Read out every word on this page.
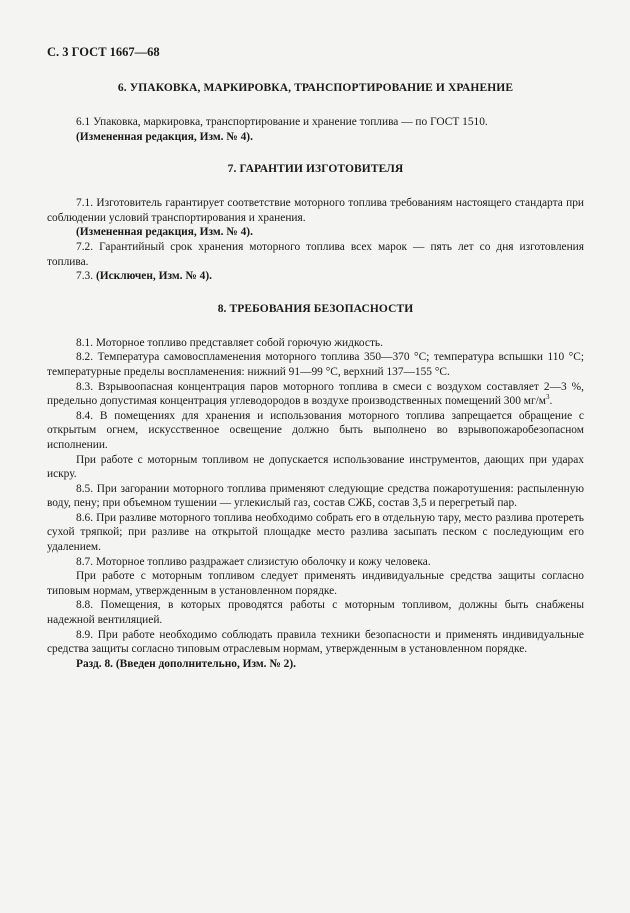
С. 3 ГОСТ 1667—68
6. УПАКОВКА, МАРКИРОВКА, ТРАНСПОРТИРОВАНИЕ И ХРАНЕНИЕ

6.1 Упаковка, маркировка, транспортирование и хранение топлива — по ГОСТ 1510.

(Измененная редакция, Изм. № 4).

7. ГАРАНТИИ ИЗГОТОВИТЕЛЯ

7.1. Изготовитель гарантирует соответствие моторного топлива требованиям настоящего стандарта при соблюдении условий транспортирования и хранения.

(Измененная редакция, Изм. № 4).

7.2. Гарантийный срок хранения моторного топлива всех марок — пять лет со дня изготовления топлива.

7.3. (Исключен, Изм. № 4).

8. ТРЕБОВАНИЯ БЕЗОПАСНОСТИ

8.1. Моторное топливо представляет собой горючую жидкость.

8.2. Температура самовоспламенения моторного топлива 350—370 °С; температура вспышки 110 °С; температурные пределы воспламенения: нижний 91—99 °С, верхний 137—155 °С.

8.3. Взрывоопасная концентрация паров моторного топлива в смеси с воздухом составляет 2—3 %, предельно допустимая концентрация углеводородов в воздухе производственных помещений 300 $мг/м^3$.

8.4. В помещениях для хранения и использования моторного топлива запрещается обращение с открытым огнем, искусственное освещение должно быть выполнено во взрывопожаробезопасном исполнении.

При работе с моторным топливом не допускается использование инструментов, дающих при ударах искру.

8.5. При загорании моторного топлива применяют следующие средства пожаротушения: распыленную воду, пену; при объемном тушении — углекислый газ, состав СЖБ, состав 3,5 и перегретый пар.

8.6. При разливе моторного топлива необходимо собрать его в отдельную тару, место разлива протереть сухой тряпкой; при разливе на открытой площадке место разлива засыпать песком с последующим его удалением.

8.7. Моторное топливо раздражает слизистую оболочку и кожу человека.

При работе с моторным топливом следует применять индивидуальные средства защиты согласно типовым нормам, утвержденным в установленном порядке.

8.8. Помещения, в которых проводятся работы с моторным топливом, должны быть снабжены надежной вентиляцией.

8.9. При работе необходимо соблюдать правила техники безопасности и применять индивидуальные средства защиты согласно типовым отраслевым нормам, утвержденным в установленном порядке.

Разд. 8. (Введен дополнительно, Изм. № 2).
